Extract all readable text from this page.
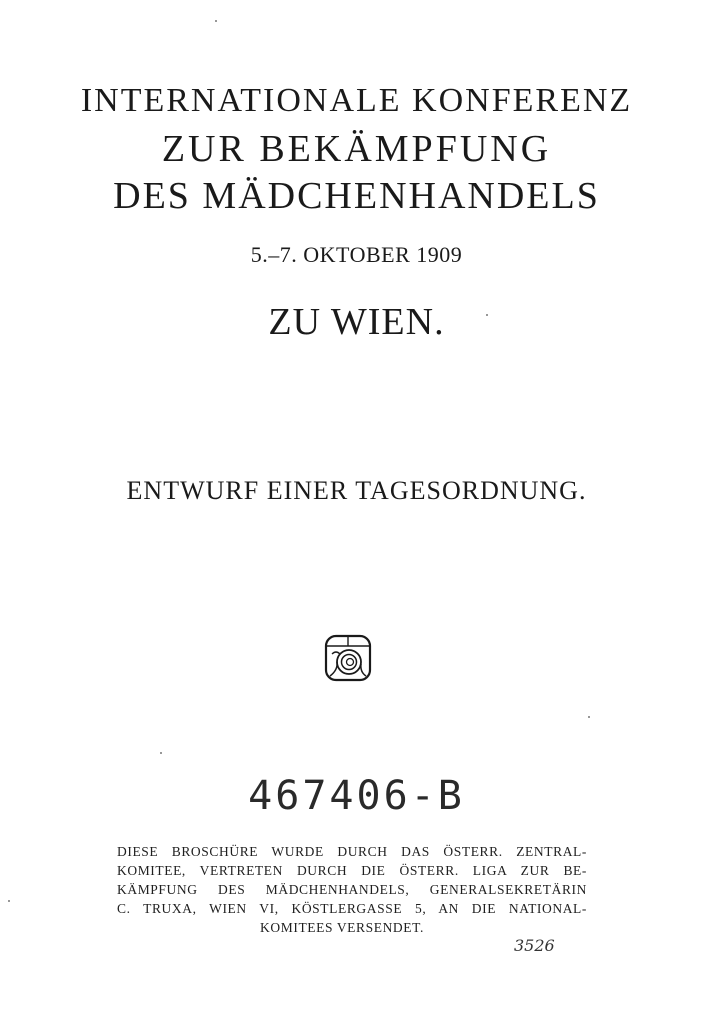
INTERNATIONALE KONFERENZ
ZUR BEKÄMPFUNG
DES MÄDCHENHANDELS
5.–7. OKTOBER 1909
ZU WIEN.
ENTWURF EINER TAGESORDNUNG.
467406-B
DIESE BROSCHÜRE WURDE DURCH DAS ÖSTERR. ZENTRAL-
KOMITEE, VERTRETEN DURCH DIE ÖSTERR. LIGA ZUR BE-
KÄMPFUNG DES MÄDCHENHANDELS, GENERALSEKRETÄRIN
C. TRUXA, WIEN VI, KÖSTLERGASSE 5, AN DIE NATIONAL-
KOMITEES VERSENDET.
3526
